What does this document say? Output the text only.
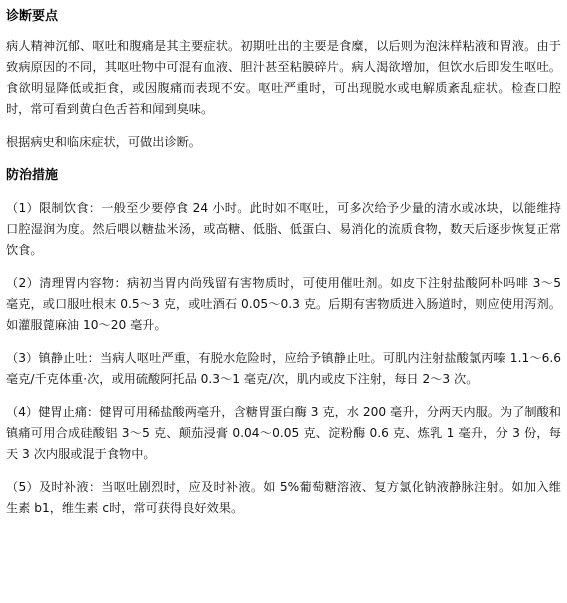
诊断要点

病人精神沉郁、呕吐和腹痛是其主要症状。初期吐出的主要是食糜，以后则为泡沫样粘液和胃液。由于致病原因的不同，其呕吐物中可混有血液、胆汁甚至粘膜碎片。病人渴欲增加，但饮水后即发生呕吐。食欲明显降低或拒食，或因腹痛而表现不安。呕吐严重时，可出现脱水或电解质紊乱症状。检查口腔时，常可看到黄白色舌苔和闻到臭味。

根据病史和临床症状，可做出诊断。

防治措施

（1）限制饮食：一般至少要停食 24 小时。此时如不呕吐，可多次给予少量的清水或冰块，以能维持口腔湿润为度。然后喂以糖盐米汤，或高糖、低脂、低蛋白、易消化的流质食物，数天后逐步恢复正常饮食。

（2）清理胃内容物：病初当胃内尚残留有害物质时，可使用催吐剂。如皮下注射盐酸阿朴吗啡 3～5 毫克，或口服吐根末 0.5～3 克，或吐酒石 0.05～0.3 克。后期有害物质进入肠道时，则应使用泻剂。如灌服蓖麻油 10～20 毫升。

（3）镇静止吐：当病人呕吐严重，有脱水危险时，应给予镇静止吐。可肌内注射盐酸氯丙嗪 1.1～6.6 毫克/千克体重·次，或用硫酸阿托品 0.3～1 毫克/次，肌内或皮下注射，每日 2～3 次。

（4）健胃止痛：健胃可用稀盐酸两毫升，含糖胃蛋白酶 3 克，水 200 毫升，分两天内服。为了制酸和镇痛可用合成硅酸铝 3～5 克、颠茄浸膏 0.04～0.05 克、淀粉酶 0.6 克、炼乳 1 毫升，分 3 份，每天 3 次内服或混于食物中。

（5）及时补液：当呕吐剧烈时，应及时补液。如 5%葡萄糖溶液、复方氯化钠液静脉注射。如加入维生素 b1，维生素 c时，常可获得良好效果。
